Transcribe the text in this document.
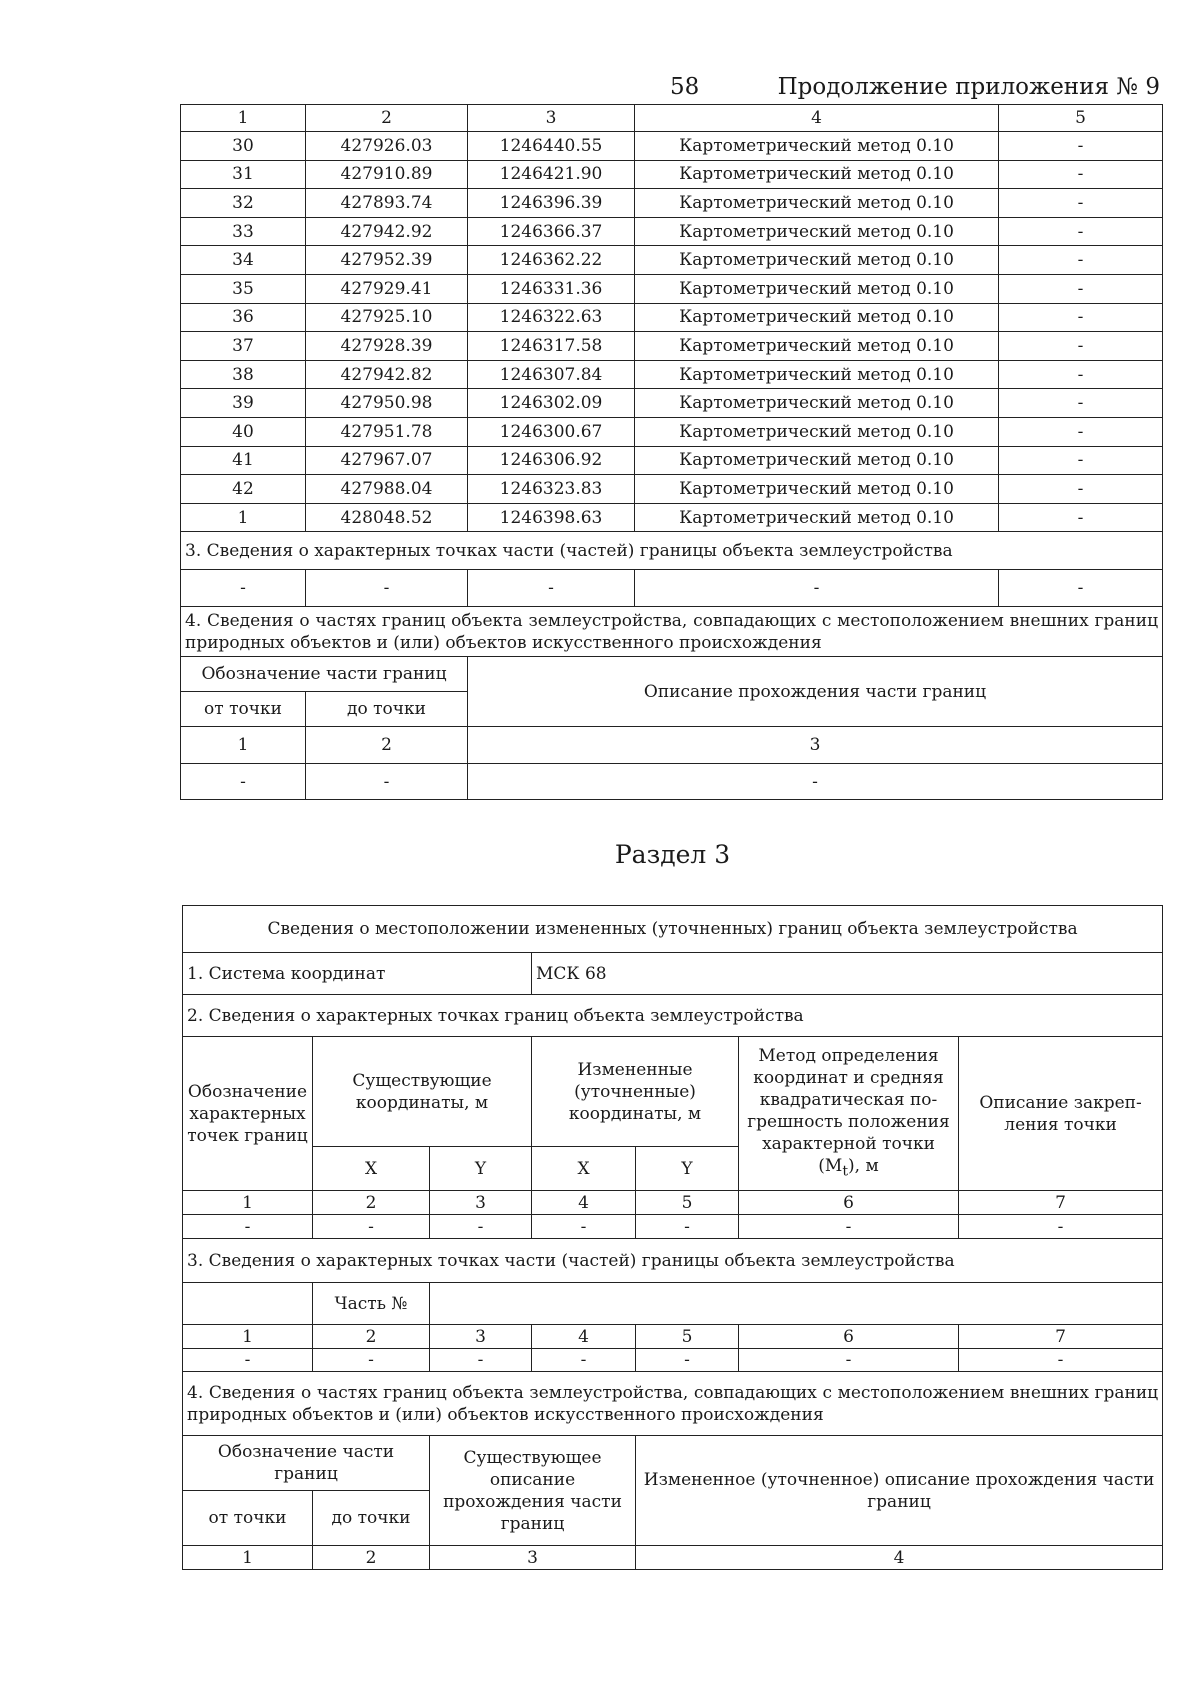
58	Продолжение приложения № 9
1	2	3	4	5
30	427926.03	1246440.55	Картометрический метод 0.10	-
31	427910.89	1246421.90	Картометрический метод 0.10	-
32	427893.74	1246396.39	Картометрический метод 0.10	-
33	427942.92	1246366.37	Картометрический метод 0.10	-
34	427952.39	1246362.22	Картометрический метод 0.10	-
35	427929.41	1246331.36	Картометрический метод 0.10	-
36	427925.10	1246322.63	Картометрический метод 0.10	-
37	427928.39	1246317.58	Картометрический метод 0.10	-
38	427942.82	1246307.84	Картометрический метод 0.10	-
39	427950.98	1246302.09	Картометрический метод 0.10	-
40	427951.78	1246300.67	Картометрический метод 0.10	-
41	427967.07	1246306.92	Картометрический метод 0.10	-
42	427988.04	1246323.83	Картометрический метод 0.10	-
1	428048.52	1246398.63	Картометрический метод 0.10	-
3. Сведения о характерных точках части (частей) границы объекта землеустройства				
-	-	-	-	-
4. Сведения о частях границ объекта землеустройства, совпадающих с местоположением внешних границ природных объектов и (или) объектов искусственного происхождения				
Обозначение части границ		Описание прохождения части границ		
от точки	до точки			
1	2	3		
-	-	-		
Раздел 3
Сведения о местоположении измененных (уточненных) границ объекта землеустройства						
1. Система координат			МСК 68			
2. Сведения о характерных точках границ объекта землеустройства						
Обозначение характерных точек границ	Существующие координаты, м		Измененные (уточненные) координаты, м		Метод определения координат и средняя квадратическая погрешность положения характерной точки $(M_t)$, м	Описание закрепления точки
	X	Y	X	Y		
1	2	3	4	5	6	7
-	-	-	-	-	-	-
3. Сведения о характерных точках части (частей) границы объекта землеустройства						
	Часть №					
1	2	3	4	5	6	7
-	-	-	-	-	-	-
4. Сведения о частях границ объекта землеустройства, совпадающих с местоположением внешних границ природных объектов и (или) объектов искусственного происхождения						
Обозначение части границ		Существующее описание прохождения части границ		Измененное (уточненное) описание прохождения части границ		
от точки	до точки					
1	2	3		4		
